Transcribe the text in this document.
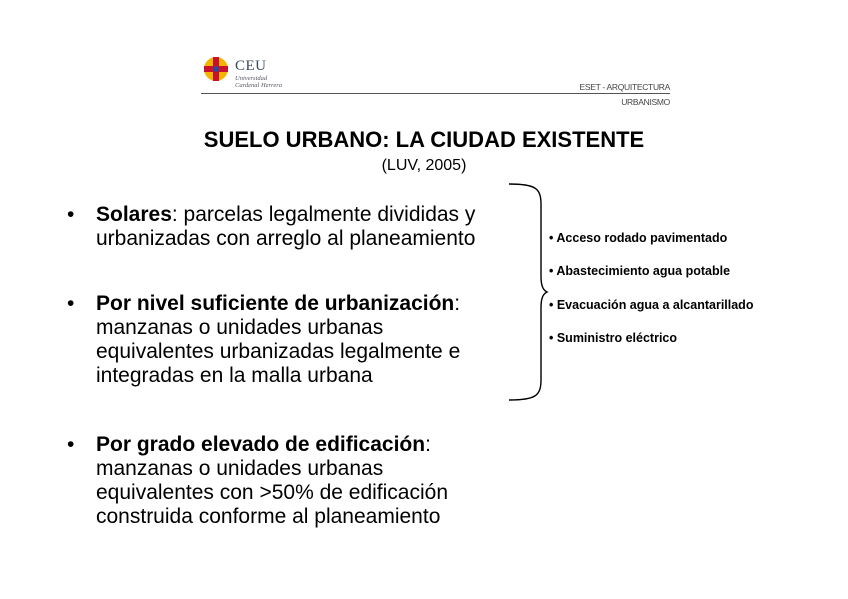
CEU
Universidad
Cardenal Herrera	ESET - ARQUITECTURA
URBANISMO
SUELO URBANO: LA CIUDAD EXISTENTE
(LUV, 2005)
• Solares: parcelas legalmente divididas y
urbanizadas con arreglo al planeamiento
• Por nivel suficiente de urbanización:
manzanas o unidades urbanas
equivalentes urbanizadas legalmente e
integradas en la malla urbana
• Por grado elevado de edificación:
manzanas o unidades urbanas
equivalentes con >50% de edificación
construida conforme al planeamiento
• Acceso rodado pavimentado
• Abastecimiento agua potable
• Evacuación agua a alcantarillado
• Suministro eléctrico
